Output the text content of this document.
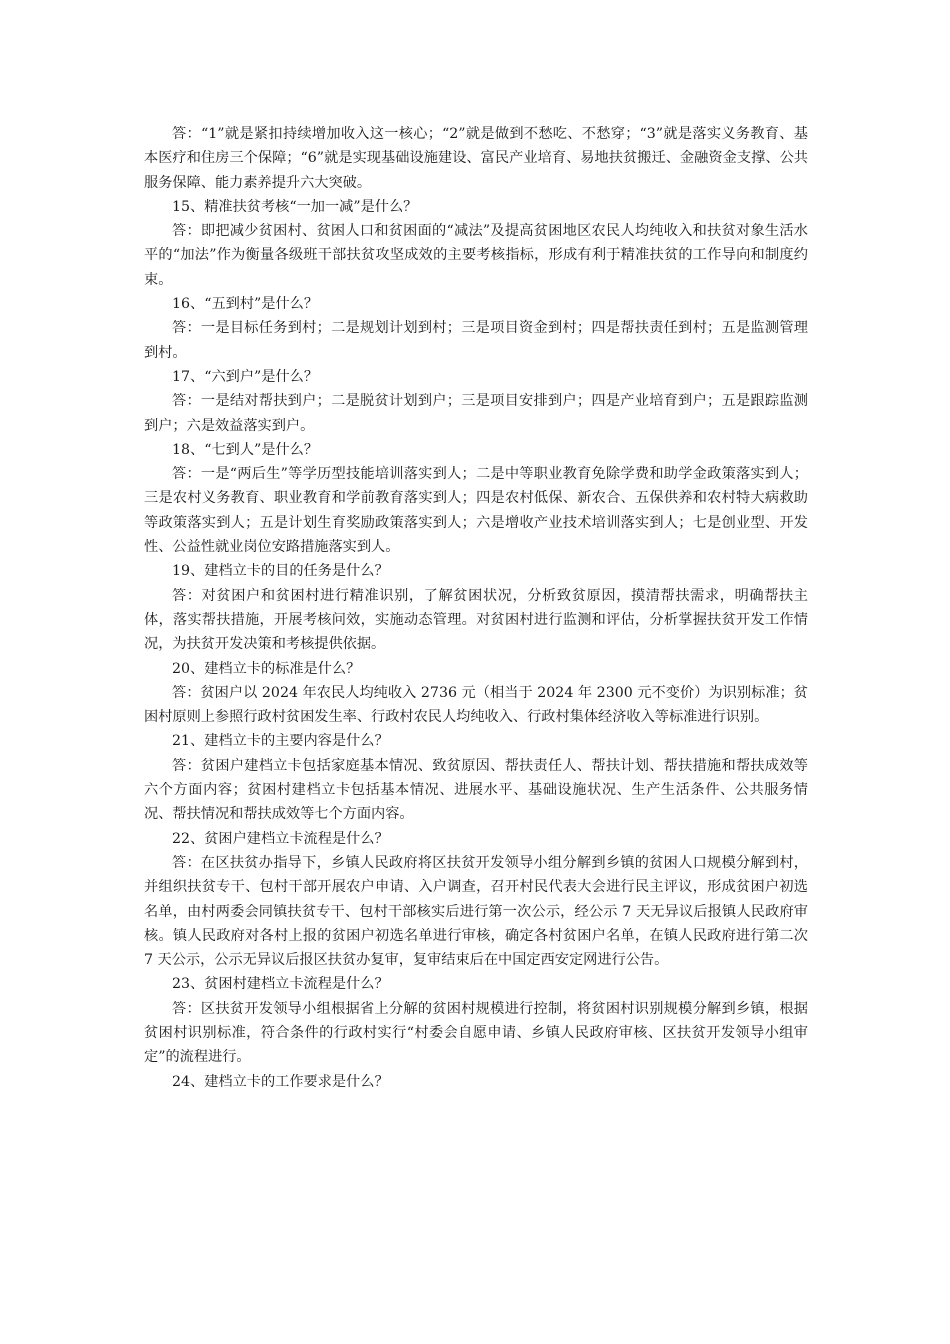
答：“1”就是紧扣持续增加收入这一核心；“2”就是做到不愁吃、不愁穿；“3”就是落实义务教育、基本医疗和住房三个保障；“6”就是实现基础设施建设、富民产业培育、易地扶贫搬迁、金融资金支撑、公共服务保障、能力素养提升六大突破。

15、精准扶贫考核“一加一减”是什么？

答：即把减少贫困村、贫困人口和贫困面的“减法”及提高贫困地区农民人均纯收入和扶贫对象生活水平的“加法”作为衡量各级班干部扶贫攻坚成效的主要考核指标，形成有利于精准扶贫的工作导向和制度约束。

16、“五到村”是什么？

答：一是目标任务到村；二是规划计划到村；三是项目资金到村；四是帮扶责任到村；五是监测管理到村。

17、“六到户”是什么？

答：一是结对帮扶到户；二是脱贫计划到户；三是项目安排到户；四是产业培育到户；五是跟踪监测到户；六是效益落实到户。

18、“七到人”是什么？

答：一是“两后生”等学历型技能培训落实到人；二是中等职业教育免除学费和助学金政策落实到人；三是农村义务教育、职业教育和学前教育落实到人；四是农村低保、新农合、五保供养和农村特大病救助等政策落实到人；五是计划生育奖励政策落实到人；六是增收产业技术培训落实到人；七是创业型、开发性、公益性就业岗位安路措施落实到人。

19、建档立卡的目的任务是什么？

答：对贫困户和贫困村进行精准识别，了解贫困状况，分析致贫原因，摸清帮扶需求，明确帮扶主体，落实帮扶措施，开展考核问效，实施动态管理。对贫困村进行监测和评估，分析掌握扶贫开发工作情况，为扶贫开发决策和考核提供依据。

20、建档立卡的标准是什么？

答：贫困户以 2024 年农民人均纯收入 2736 元（相当于 2024 年 2300 元不变价）为识别标准；贫困村原则上参照行政村贫困发生率、行政村农民人均纯收入、行政村集体经济收入等标准进行识别。

21、建档立卡的主要内容是什么？

答：贫困户建档立卡包括家庭基本情况、致贫原因、帮扶责任人、帮扶计划、帮扶措施和帮扶成效等六个方面内容；贫困村建档立卡包括基本情况、进展水平、基础设施状况、生产生活条件、公共服务情况、帮扶情况和帮扶成效等七个方面内容。

22、贫困户建档立卡流程是什么？

答：在区扶贫办指导下，乡镇人民政府将区扶贫开发领导小组分解到乡镇的贫困人口规模分解到村，并组织扶贫专干、包村干部开展农户申请、入户调查，召开村民代表大会进行民主评议，形成贫困户初选名单，由村两委会同镇扶贫专干、包村干部核实后进行第一次公示，经公示 7 天无异议后报镇人民政府审核。镇人民政府对各村上报的贫困户初选名单进行审核，确定各村贫困户名单，在镇人民政府进行第二次 7 天公示，公示无异议后报区扶贫办复审，复审结束后在中国定西安定网进行公告。

23、贫困村建档立卡流程是什么？

答：区扶贫开发领导小组根据省上分解的贫困村规模进行控制，将贫困村识别规模分解到乡镇，根据贫困村识别标准，符合条件的行政村实行“村委会自愿申请、乡镇人民政府审核、区扶贫开发领导小组审定”的流程进行。

24、建档立卡的工作要求是什么？
